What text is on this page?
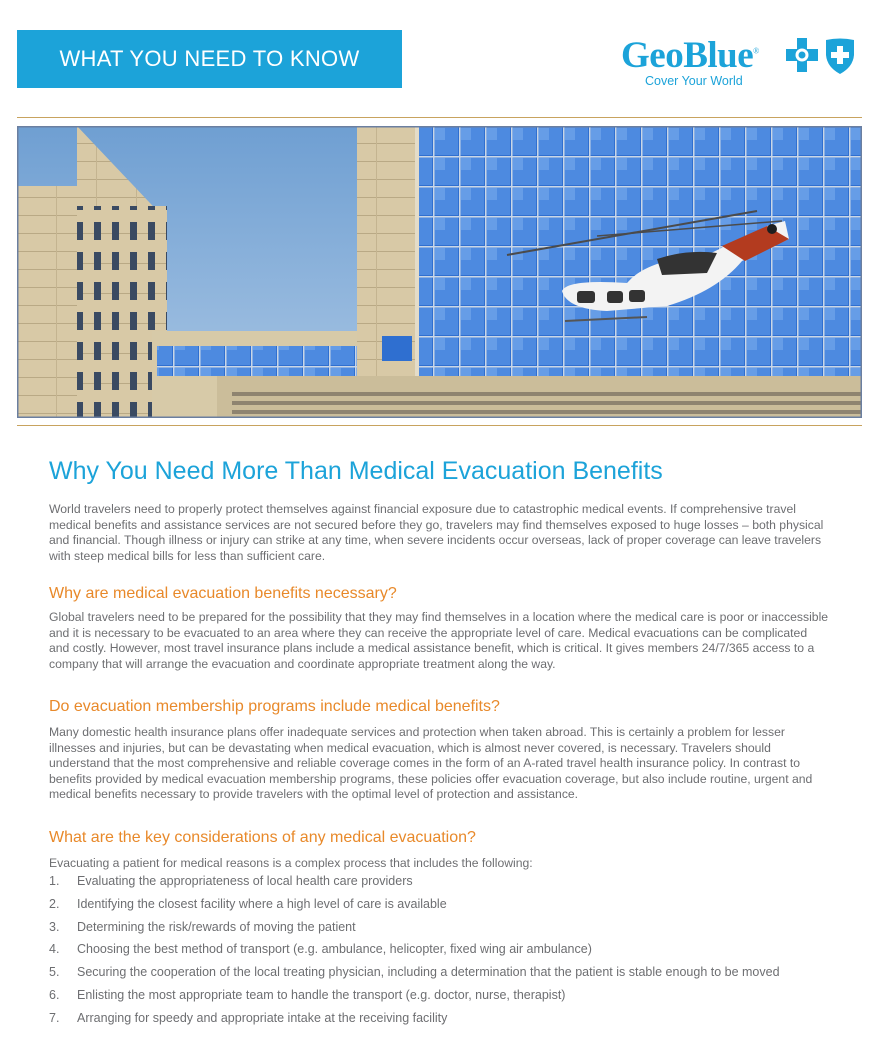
WHAT YOU NEED TO KNOW	GeoBlue®
Cover Your World
Why You Need More Than Medical Evacuation Benefits

World travelers need to properly protect themselves against financial exposure due to catastrophic medical events. If comprehensive travel medical benefits and assistance services are not secured before they go, travelers may find themselves exposed to huge losses – both physical and financial. Though illness or injury can strike at any time, when severe incidents occur overseas, lack of proper coverage can leave travelers with steep medical bills for less than sufficient care.

Why are medical evacuation benefits necessary?

Global travelers need to be prepared for the possibility that they may find themselves in a location where the medical care is poor or inaccessible and it is necessary to be evacuated to an area where they can receive the appropriate level of care. Medical evacuations can be complicated and costly. However, most travel insurance plans include a medical assistance benefit, which is critical. It gives members 24/7/365 access to a company that will arrange the evacuation and coordinate appropriate treatment along the way.

Do evacuation membership programs include medical benefits?

Many domestic health insurance plans offer inadequate services and protection when taken abroad. This is certainly a problem for lesser illnesses and injuries, but can be devastating when medical evacuation, which is almost never covered, is necessary. Travelers should understand that the most comprehensive and reliable coverage comes in the form of an A-rated travel health insurance policy. In contrast to benefits provided by medical evacuation membership programs, these policies offer evacuation coverage, but also include routine, urgent and medical benefits necessary to provide travelers with the optimal level of protection and assistance.

What are the key considerations of any medical evacuation?

Evacuating a patient for medical reasons is a complex process that includes the following:

1.	Evaluating the appropriateness of local health care providers
2.	Identifying the closest facility where a high level of care is available
3.	Determining the risk/rewards of moving the patient
4.	Choosing the best method of transport (e.g. ambulance, helicopter, fixed wing air ambulance)
5.	Securing the cooperation of the local treating physician, including a determination that the patient is stable enough to be moved
6.	Enlisting the most appropriate team to handle the transport (e.g. doctor, nurse, therapist)
7.	Arranging for speedy and appropriate intake at the receiving facility
